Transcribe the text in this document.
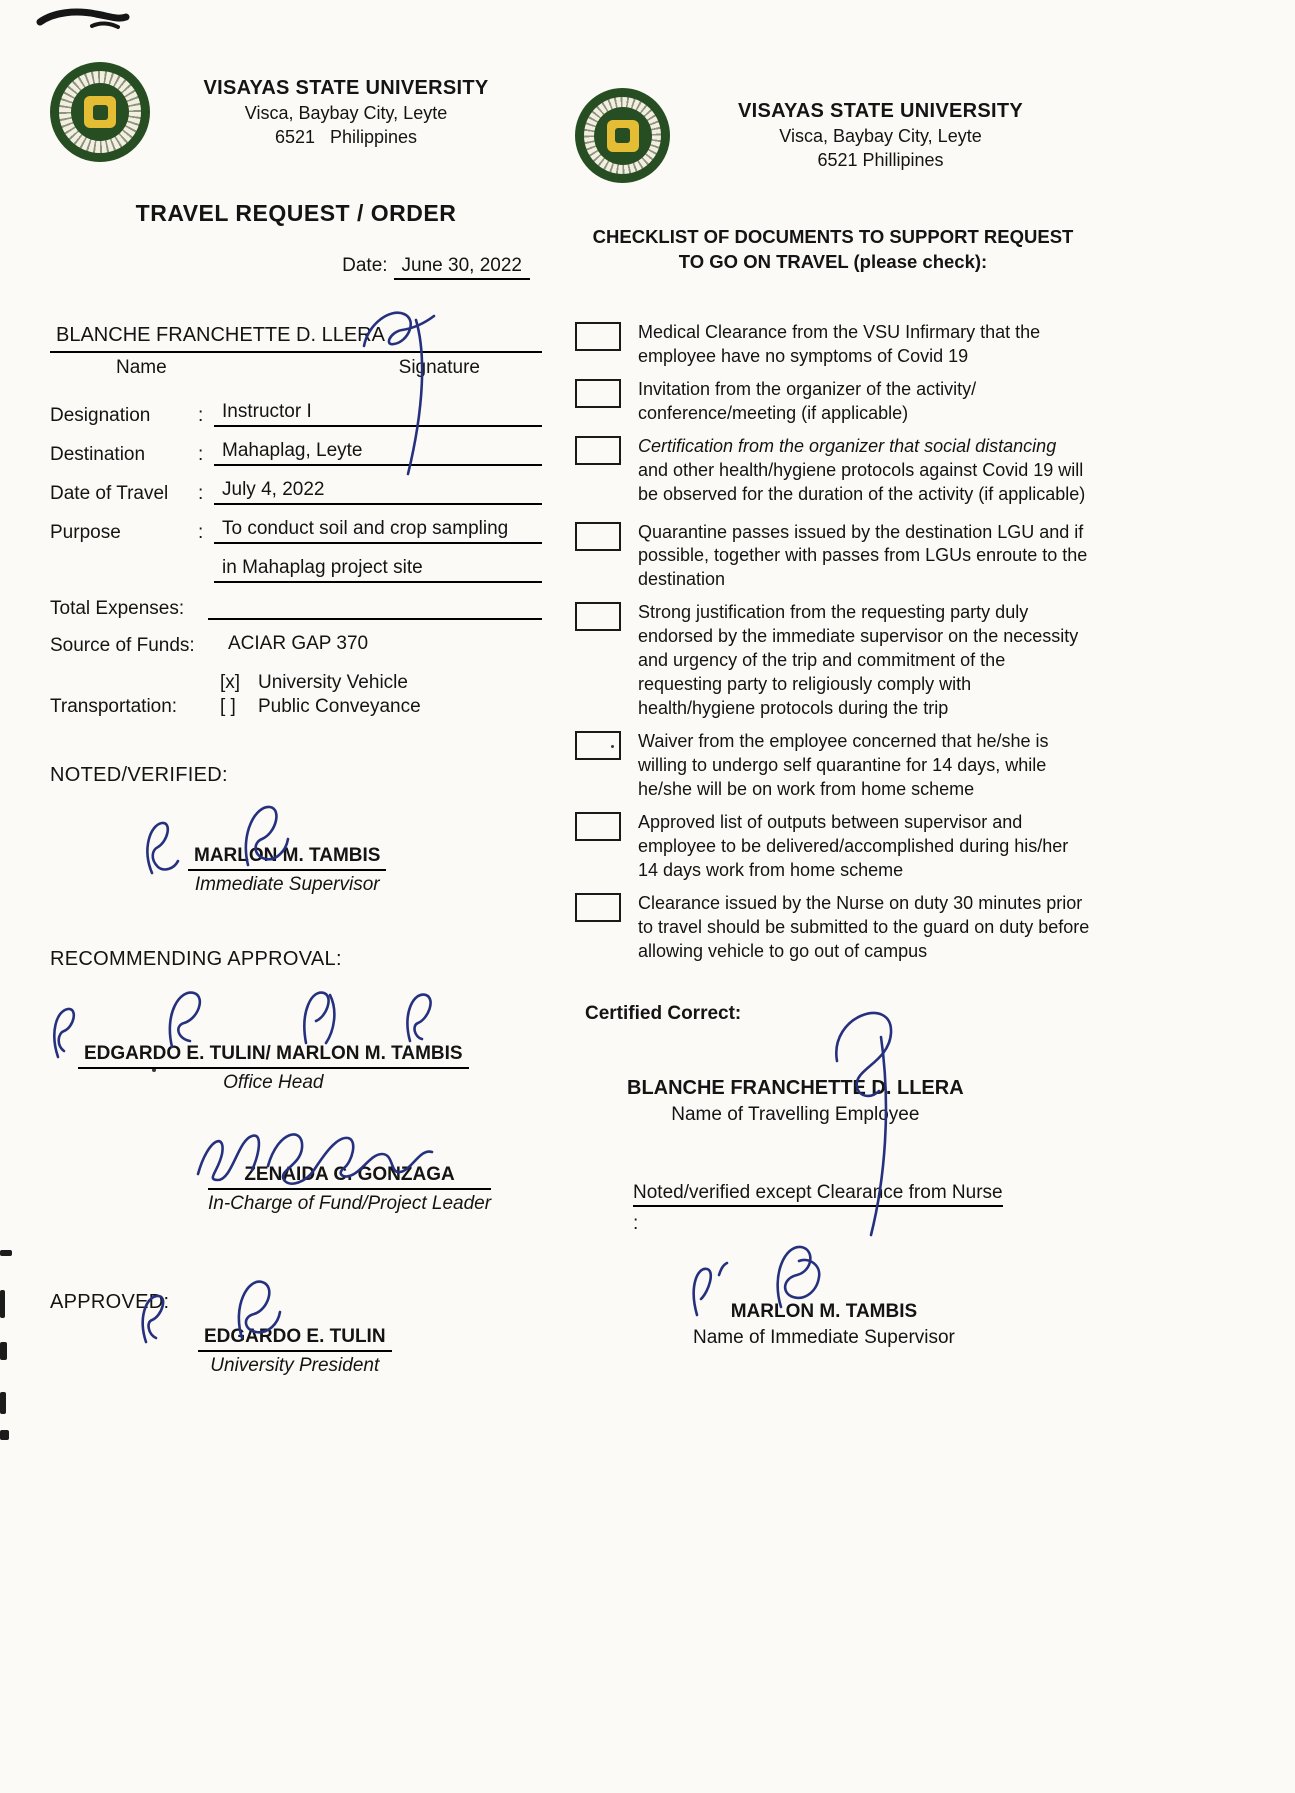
VISAYAS STATE UNIVERSITY
Visca, Baybay City, Leyte
6521   Philippines
TRAVEL REQUEST / ORDER
Date: June 30, 2022
BLANCHE FRANCHETTE D. LLERA
Name	Signature
Designation	: Instructor I
Destination	: Mahaplag, Leyte
Date of Travel	: July 4, 2022
Purpose	: To conduct soil and crop sampling
in Mahaplag project site
Total Expenses:
Source of Funds:	ACIAR GAP 370
Transportation:
[x] University Vehicle
[ ]	Public Conveyance
NOTED/VERIFIED:
MARLON M. TAMBIS
Immediate Supervisor
RECOMMENDING APPROVAL:
EDGARDO E. TULIN/ MARLON M. TAMBIS
Office Head
ZENAIDA C. GONZAGA
In-Charge of Fund/Project Leader
APPROVED:
EDGARDO E. TULIN
University President
VISAYAS STATE UNIVERSITY
Visca, Baybay City, Leyte
6521 Phillipines
CHECKLIST OF DOCUMENTS TO SUPPORT REQUEST TO GO ON TRAVEL (please check):
Medical Clearance from the VSU Infirmary that the employee have no symptoms of Covid 19
Invitation from the organizer of the activity/ conference/meeting (if applicable)
Certification from the organizer that social distancingand other health/hygiene protocols against Covid 19 will be observed for the duration of the activity (if applicable)
Quarantine passes issued by the destination LGU and if possible, together with passes from LGUs enroute to the destination
Strong justification from the requesting party duly endorsed by the immediate supervisor on the necessity and urgency of the trip and commitment of the requesting party to religiously comply with health/hygiene protocols during the trip
Waiver from the employee concerned that he/she is willing to undergo self quarantine for 14 days, while he/she will be on work from home scheme
Approved list of outputs between supervisor and employee to be delivered/accomplished during his/her 14 days work from home scheme
Clearance issued by the Nurse on duty 30 minutes prior to travel should be submitted to the guard on duty before allowing vehicle to go out of campus
Certified Correct:
BLANCHE FRANCHETTE D. LLERA
Name of Travelling Employee
Noted/verified except Clearance from Nurse
:
MARLON M. TAMBIS
Name of Immediate Supervisor
